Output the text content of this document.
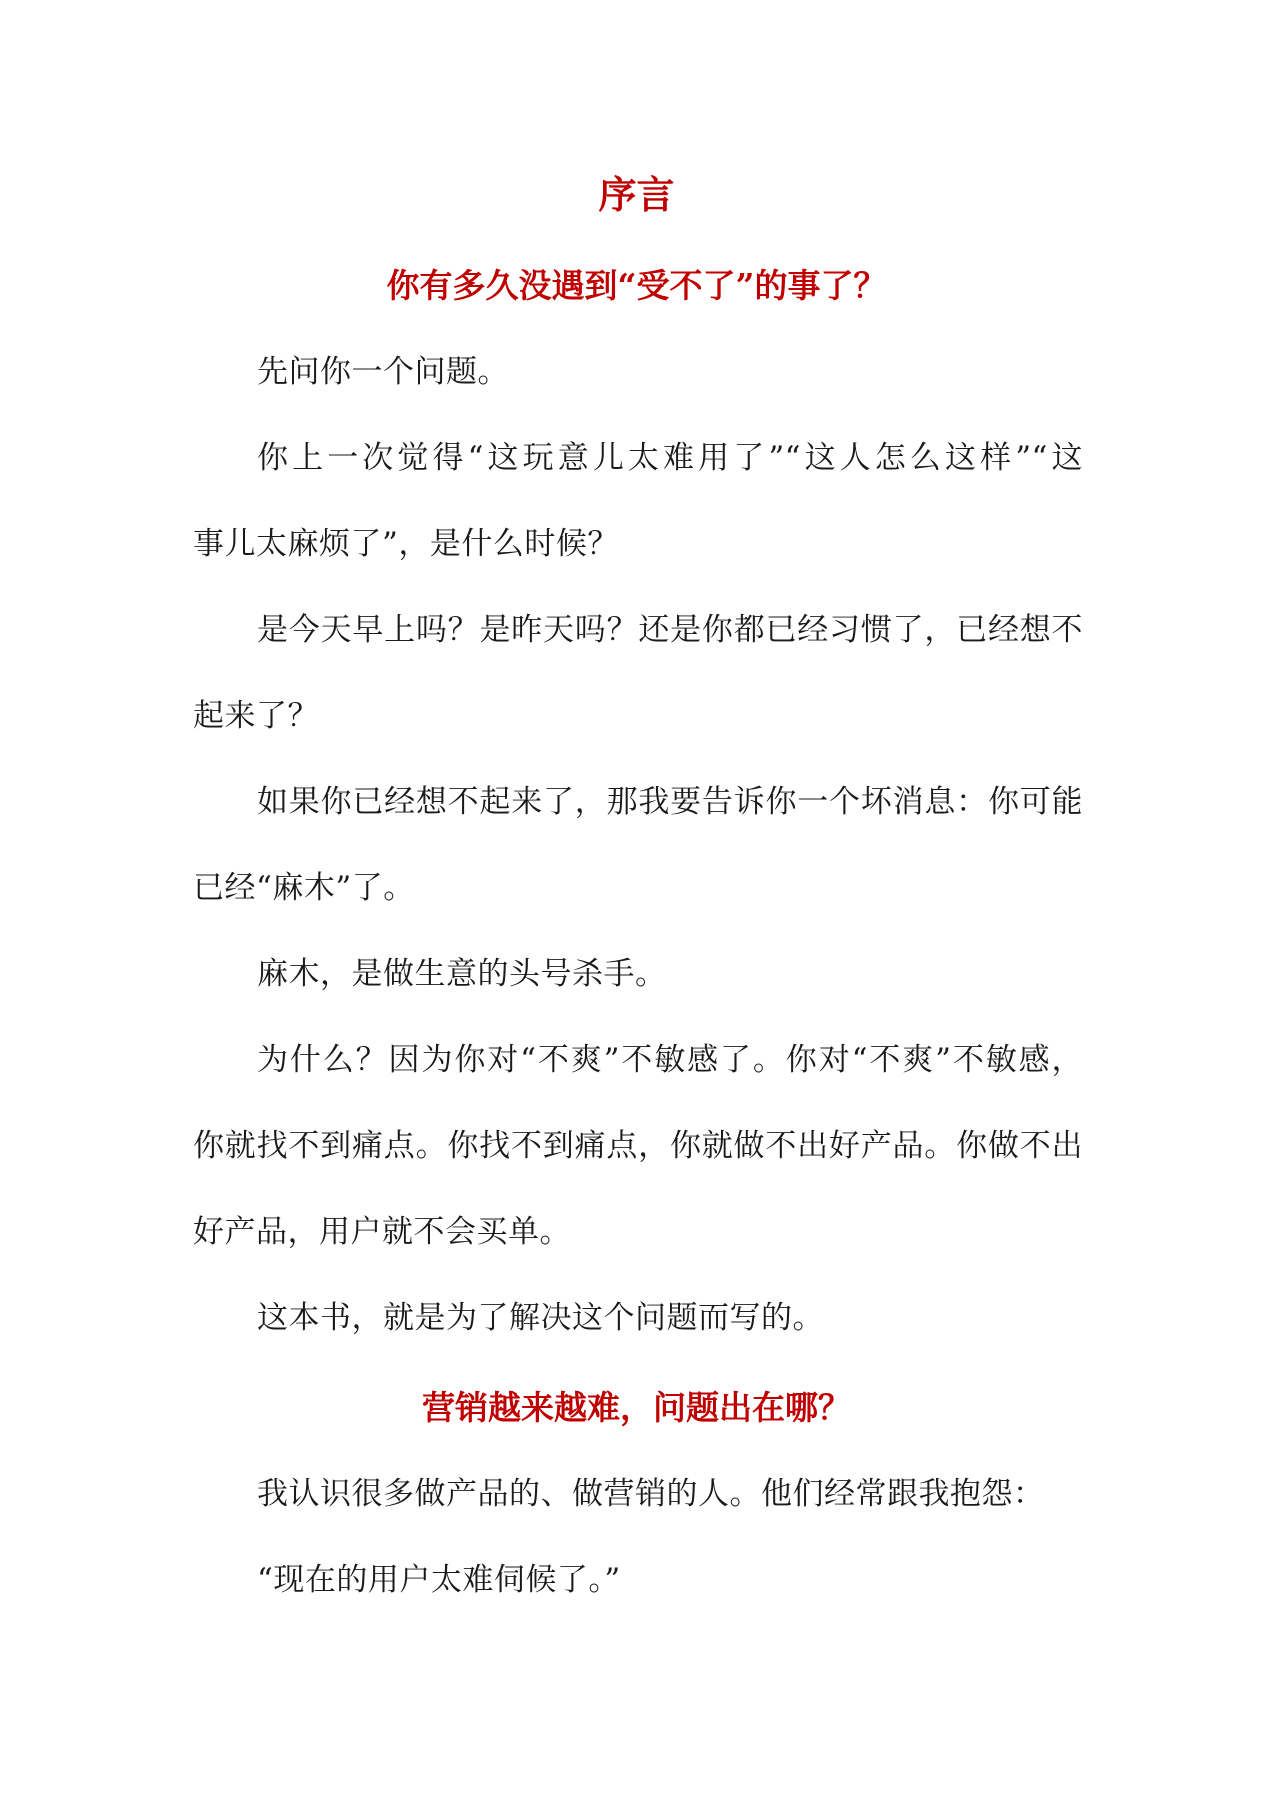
序言
你有多久没遇到“受不了”的事了？
先问你一个问题。
你上一次觉得“这玩意儿太难用了”“这人怎么这样”“这
事儿太麻烦了”，是什么时候？
是今天早上吗？是昨天吗？还是你都已经习惯了，已经想不
起来了？
如果你已经想不起来了，那我要告诉你一个坏消息：你可能
已经“麻木”了。
麻木，是做生意的头号杀手。
为什么？因为你对“不爽”不敏感了。你对“不爽”不敏感，
你就找不到痛点。你找不到痛点，你就做不出好产品。你做不出
好产品，用户就不会买单。
这本书，就是为了解决这个问题而写的。
营销越来越难，问题出在哪？
我认识很多做产品的、做营销的人。他们经常跟我抱怨：
“现在的用户太难伺候了。”
